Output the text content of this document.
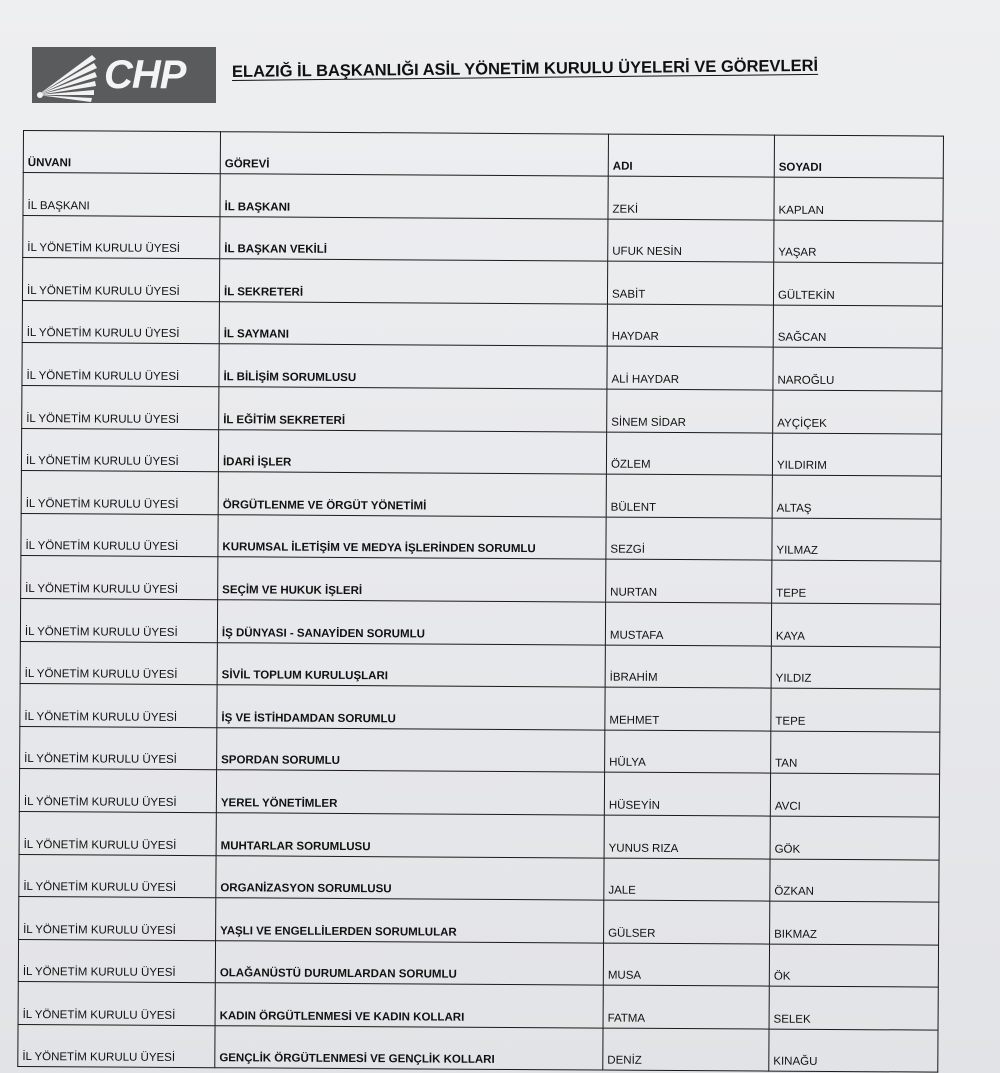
CHP	ELAZIĞ İL BAŞKANLIĞI ASİL YÖNETİM KURULU ÜYELERİ VE GÖREVLERİ
ÜNVANI	GÖREVİ	ADI	SOYADI
İL BAŞKANI	İL BAŞKANI	ZEKİ	KAPLAN
İL YÖNETİM KURULU ÜYESİ	İL BAŞKAN VEKİLİ	UFUK NESİN	YAŞAR
İL YÖNETİM KURULU ÜYESİ	İL SEKRETERİ	SABİT	GÜLTEKİN
İL YÖNETİM KURULU ÜYESİ	İL SAYMANI	HAYDAR	SAĞCAN
İL YÖNETİM KURULU ÜYESİ	İL BİLİŞİM SORUMLUSU	ALİ HAYDAR	NAROĞLU
İL YÖNETİM KURULU ÜYESİ	İL EĞİTİM SEKRETERİ	SİNEM SİDAR	AYÇİÇEK
İL YÖNETİM KURULU ÜYESİ	İDARİ İŞLER	ÖZLEM	YILDIRIM
İL YÖNETİM KURULU ÜYESİ	ÖRGÜTLENME VE ÖRGÜT YÖNETİMİ	BÜLENT	ALTAŞ
İL YÖNETİM KURULU ÜYESİ	KURUMSAL İLETİŞİM VE MEDYA İŞLERİNDEN SORUMLU	SEZGİ	YILMAZ
İL YÖNETİM KURULU ÜYESİ	SEÇİM VE HUKUK İŞLERİ	NURTAN	TEPE
İL YÖNETİM KURULU ÜYESİ	İŞ DÜNYASI - SANAYİDEN SORUMLU	MUSTAFA	KAYA
İL YÖNETİM KURULU ÜYESİ	SİVİL TOPLUM KURULUŞLARI	İBRAHİM	YILDIZ
İL YÖNETİM KURULU ÜYESİ	İŞ VE İSTİHDAMDAN SORUMLU	MEHMET	TEPE
İL YÖNETİM KURULU ÜYESİ	SPORDAN SORUMLU	HÜLYA	TAN
İL YÖNETİM KURULU ÜYESİ	YEREL YÖNETİMLER	HÜSEYİN	AVCI
İL YÖNETİM KURULU ÜYESİ	MUHTARLAR SORUMLUSU	YUNUS RIZA	GÖK
İL YÖNETİM KURULU ÜYESİ	ORGANİZASYON SORUMLUSU	JALE	ÖZKAN
İL YÖNETİM KURULU ÜYESİ	YAŞLI VE ENGELLİLERDEN SORUMLULAR	GÜLSER	BIKMAZ
İL YÖNETİM KURULU ÜYESİ	OLAĞANÜSTÜ DURUMLARDAN SORUMLU	MUSA	ÖK
İL YÖNETİM KURULU ÜYESİ	KADIN ÖRGÜTLENMESİ VE KADIN KOLLARI	FATMA	SELEK
İL YÖNETİM KURULU ÜYESİ	GENÇLİK ÖRGÜTLENMESİ VE GENÇLİK KOLLARI	DENİZ	KINAĞU
